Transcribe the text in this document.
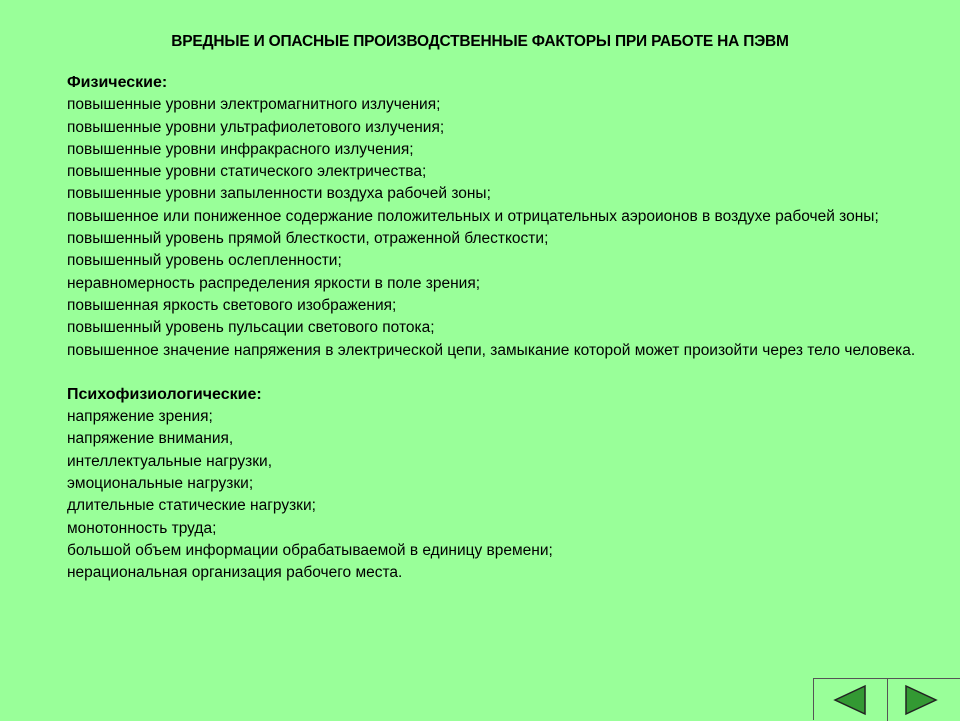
ВРЕДНЫЕ И ОПАСНЫЕ ПРОИЗВОДСТВЕННЫЕ ФАКТОРЫ ПРИ РАБОТЕ НА ПЭВМ
Физические:
повышенные уровни электромагнитного излучения;
повышенные уровни ультрафиолетового излучения;
повышенные уровни инфракрасного излучения;
повышенные уровни статического электричества;
повышенные уровни запыленности воздуха рабочей зоны;
повышенное или пониженное содержание положительных и отрицательных аэроионов в воздухе рабочей зоны;
повышенный уровень прямой блесткости, отраженной блесткости;
повышенный уровень ослепленности;
неравномерность распределения яркости в поле зрения;
повышенная яркость светового изображения;
повышенный уровень пульсации светового потока;
повышенное значение напряжения в электрической цепи, замыкание которой может произойти через тело человека.
Психофизиологические:
напряжение зрения;
напряжение внимания,
интеллектуальные нагрузки,
эмоциональные нагрузки;
длительные статические нагрузки;
монотонность труда;
большой объем информации обрабатываемой в единицу времени;
нерациональная организация рабочего места.
